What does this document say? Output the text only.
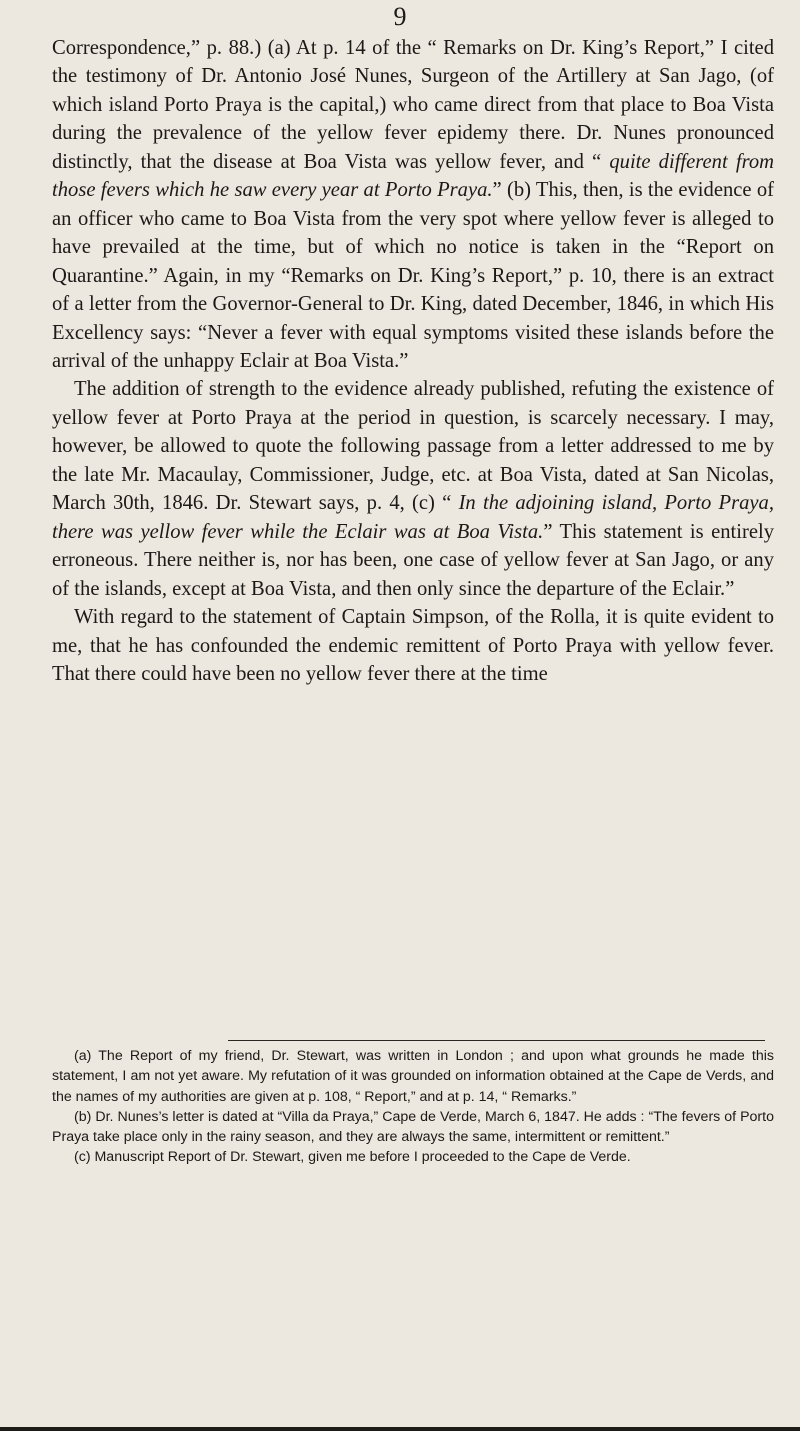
9

Correspondence,” p. 88.) (a) At p. 14 of the “ Remarks on Dr. King’s Report,” I cited the testimony of Dr. Antonio José Nunes, Surgeon of the Artillery at San Jago, (of which island Porto Praya is the capital,) who came direct from that place to Boa Vista during the prevalence of the yellow fever epidemy there. Dr. Nunes pronounced distinctly, that the disease at Boa Vista was yellow fever, and “ quite different from those fevers which he saw every year at Porto Praya.” (b) This, then, is the evidence of an officer who came to Boa Vista from the very spot where yellow fever is alleged to have prevailed at the time, but of which no notice is taken in the “Report on Quarantine.” Again, in my “Remarks on Dr. King’s Report,” p. 10, there is an extract of a letter from the Governor-General to Dr. King, dated December, 1846, in which His Excellency says: “Never a fever with equal symptoms visited these islands before the arrival of the unhappy Eclair at Boa Vista.”

The addition of strength to the evidence already published, refuting the existence of yellow fever at Porto Praya at the period in question, is scarcely necessary. I may, however, be allowed to quote the following passage from a letter addressed to me by the late Mr. Macaulay, Commissioner, Judge, etc. at Boa Vista, dated at San Nicolas, March 30th, 1846. Dr. Stewart says, p. 4, (c) “ In the adjoining island, Porto Praya, there was yellow fever while the Eclair was at Boa Vista.” This statement is entirely erroneous. There neither is, nor has been, one case of yellow fever at San Jago, or any of the islands, except at Boa Vista, and then only since the departure of the Eclair.”

With regard to the statement of Captain Simpson, of the Rolla, it is quite evident to me, that he has confounded the endemic remittent of Porto Praya with yellow fever. That there could have been no yellow fever there at the time

(a) The Report of my friend, Dr. Stewart, was written in London ; and upon what grounds he made this statement, I am not yet aware. My refutation of it was grounded on information obtained at the Cape de Verds, and the names of my authorities are given at p. 108, “ Report,” and at p. 14, “ Remarks.”

(b) Dr. Nunes’s letter is dated at “Villa da Praya,” Cape de Verde, March 6, 1847. He adds : “The fevers of Porto Praya take place only in the rainy season, and they are always the same, intermittent or remittent.”

(c) Manuscript Report of Dr. Stewart, given me before I proceeded to the Cape de Verde.
